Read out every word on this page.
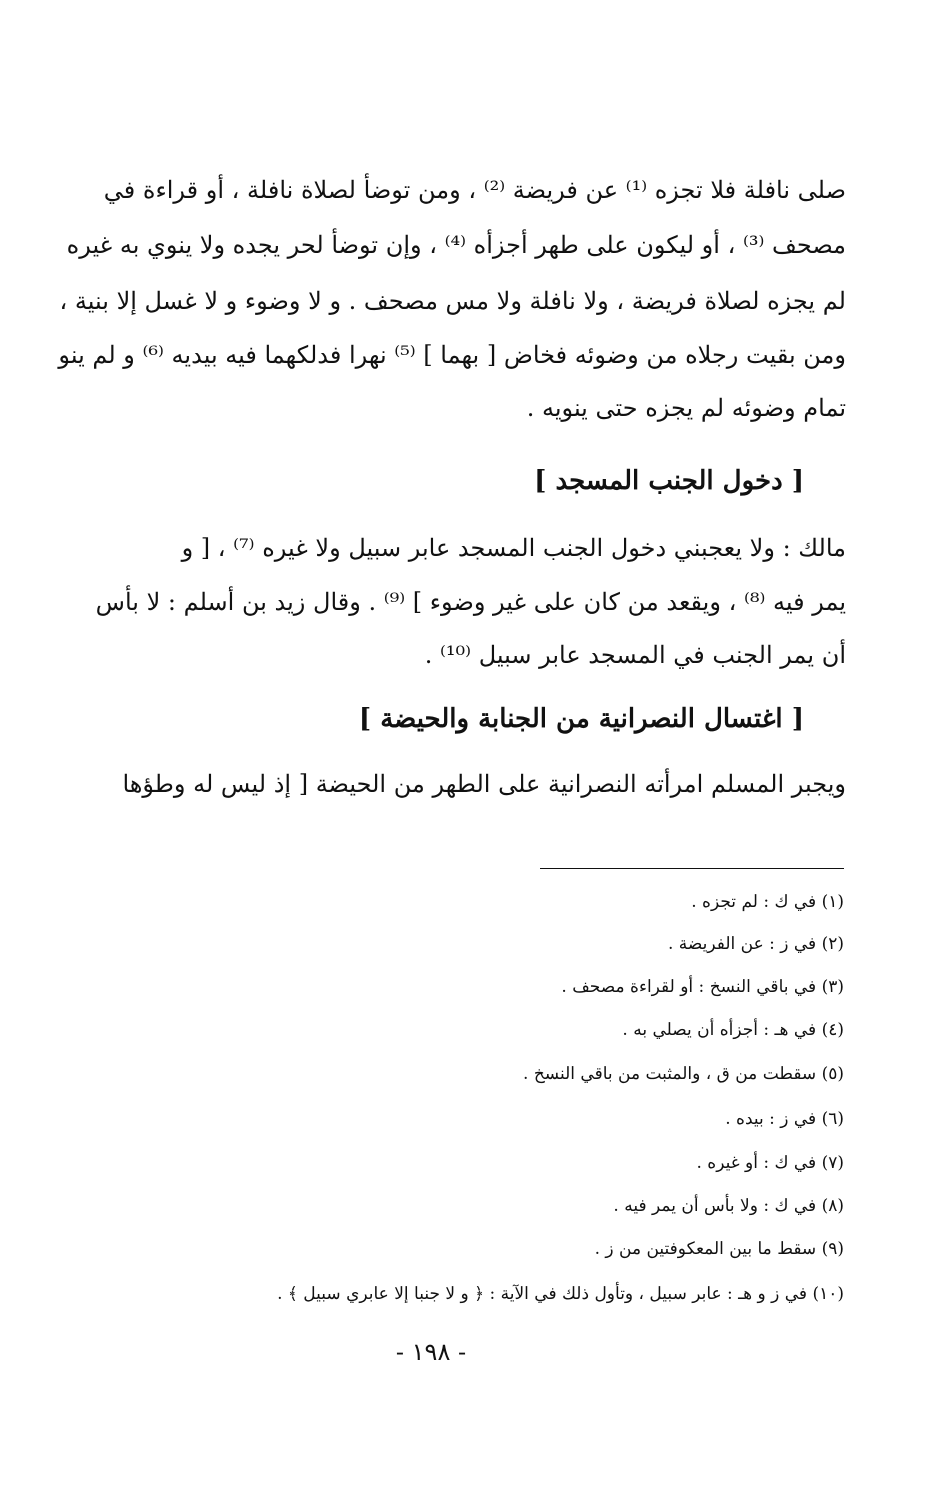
صلى نافلة فلا تجزه ⁽¹⁾ عن فريضة ⁽²⁾ ، ومن توضأ لصلاة نافلة ، أو قراءة في
مصحف ⁽³⁾ ، أو ليكون على طهر أجزأه ⁽⁴⁾ ، وإن توضأ لحر يجده ولا ينوي به غيره
لم يجزه لصلاة فريضة ، ولا نافلة ولا مس مصحف . و لا وضوء و لا غسل إلا بنية ،
ومن بقيت رجلاه من وضوئه فخاض [ بهما ] ⁽⁵⁾ نهرا فدلكهما فيه بيديه ⁽⁶⁾ و لم ينو
تمام وضوئه لم يجزه حتى ينويه .
[ دخول الجنب المسجد ]
مالك : ولا يعجبني دخول الجنب المسجد عابر سبيل ولا غيره ⁽⁷⁾ ، [ و
يمر فيه ⁽⁸⁾ ، ويقعد من كان على غير وضوء ] ⁽⁹⁾ . وقال زيد بن أسلم : لا بأس
أن يمر الجنب في المسجد عابر سبيل ⁽¹⁰⁾ .
[ اغتسال النصرانية من الجنابة والحيضة ]
ويجبر المسلم امرأته النصرانية على الطهر من الحيضة [ إذ ليس له وطؤها
(١) في ك : لم تجزه .
(٢) في ز : عن الفريضة .
(٣) في باقي النسخ : أو لقراءة مصحف .
(٤) في هـ : أجزأه أن يصلي به .
(٥) سقطت من ق ، والمثبت من باقي النسخ .
(٦) في ز : بيده .
(٧) في ك : أو غيره .
(٨) في ك : ولا بأس أن يمر فيه .
(٩) سقط ما بين المعكوفتين من ز .
(١٠) في ز و هـ : عابر سبيل ، وتأول ذلك في الآية : ﴿ و لا جنبا إلا عابري سبيل ﴾ .
- ١٩٨ -
